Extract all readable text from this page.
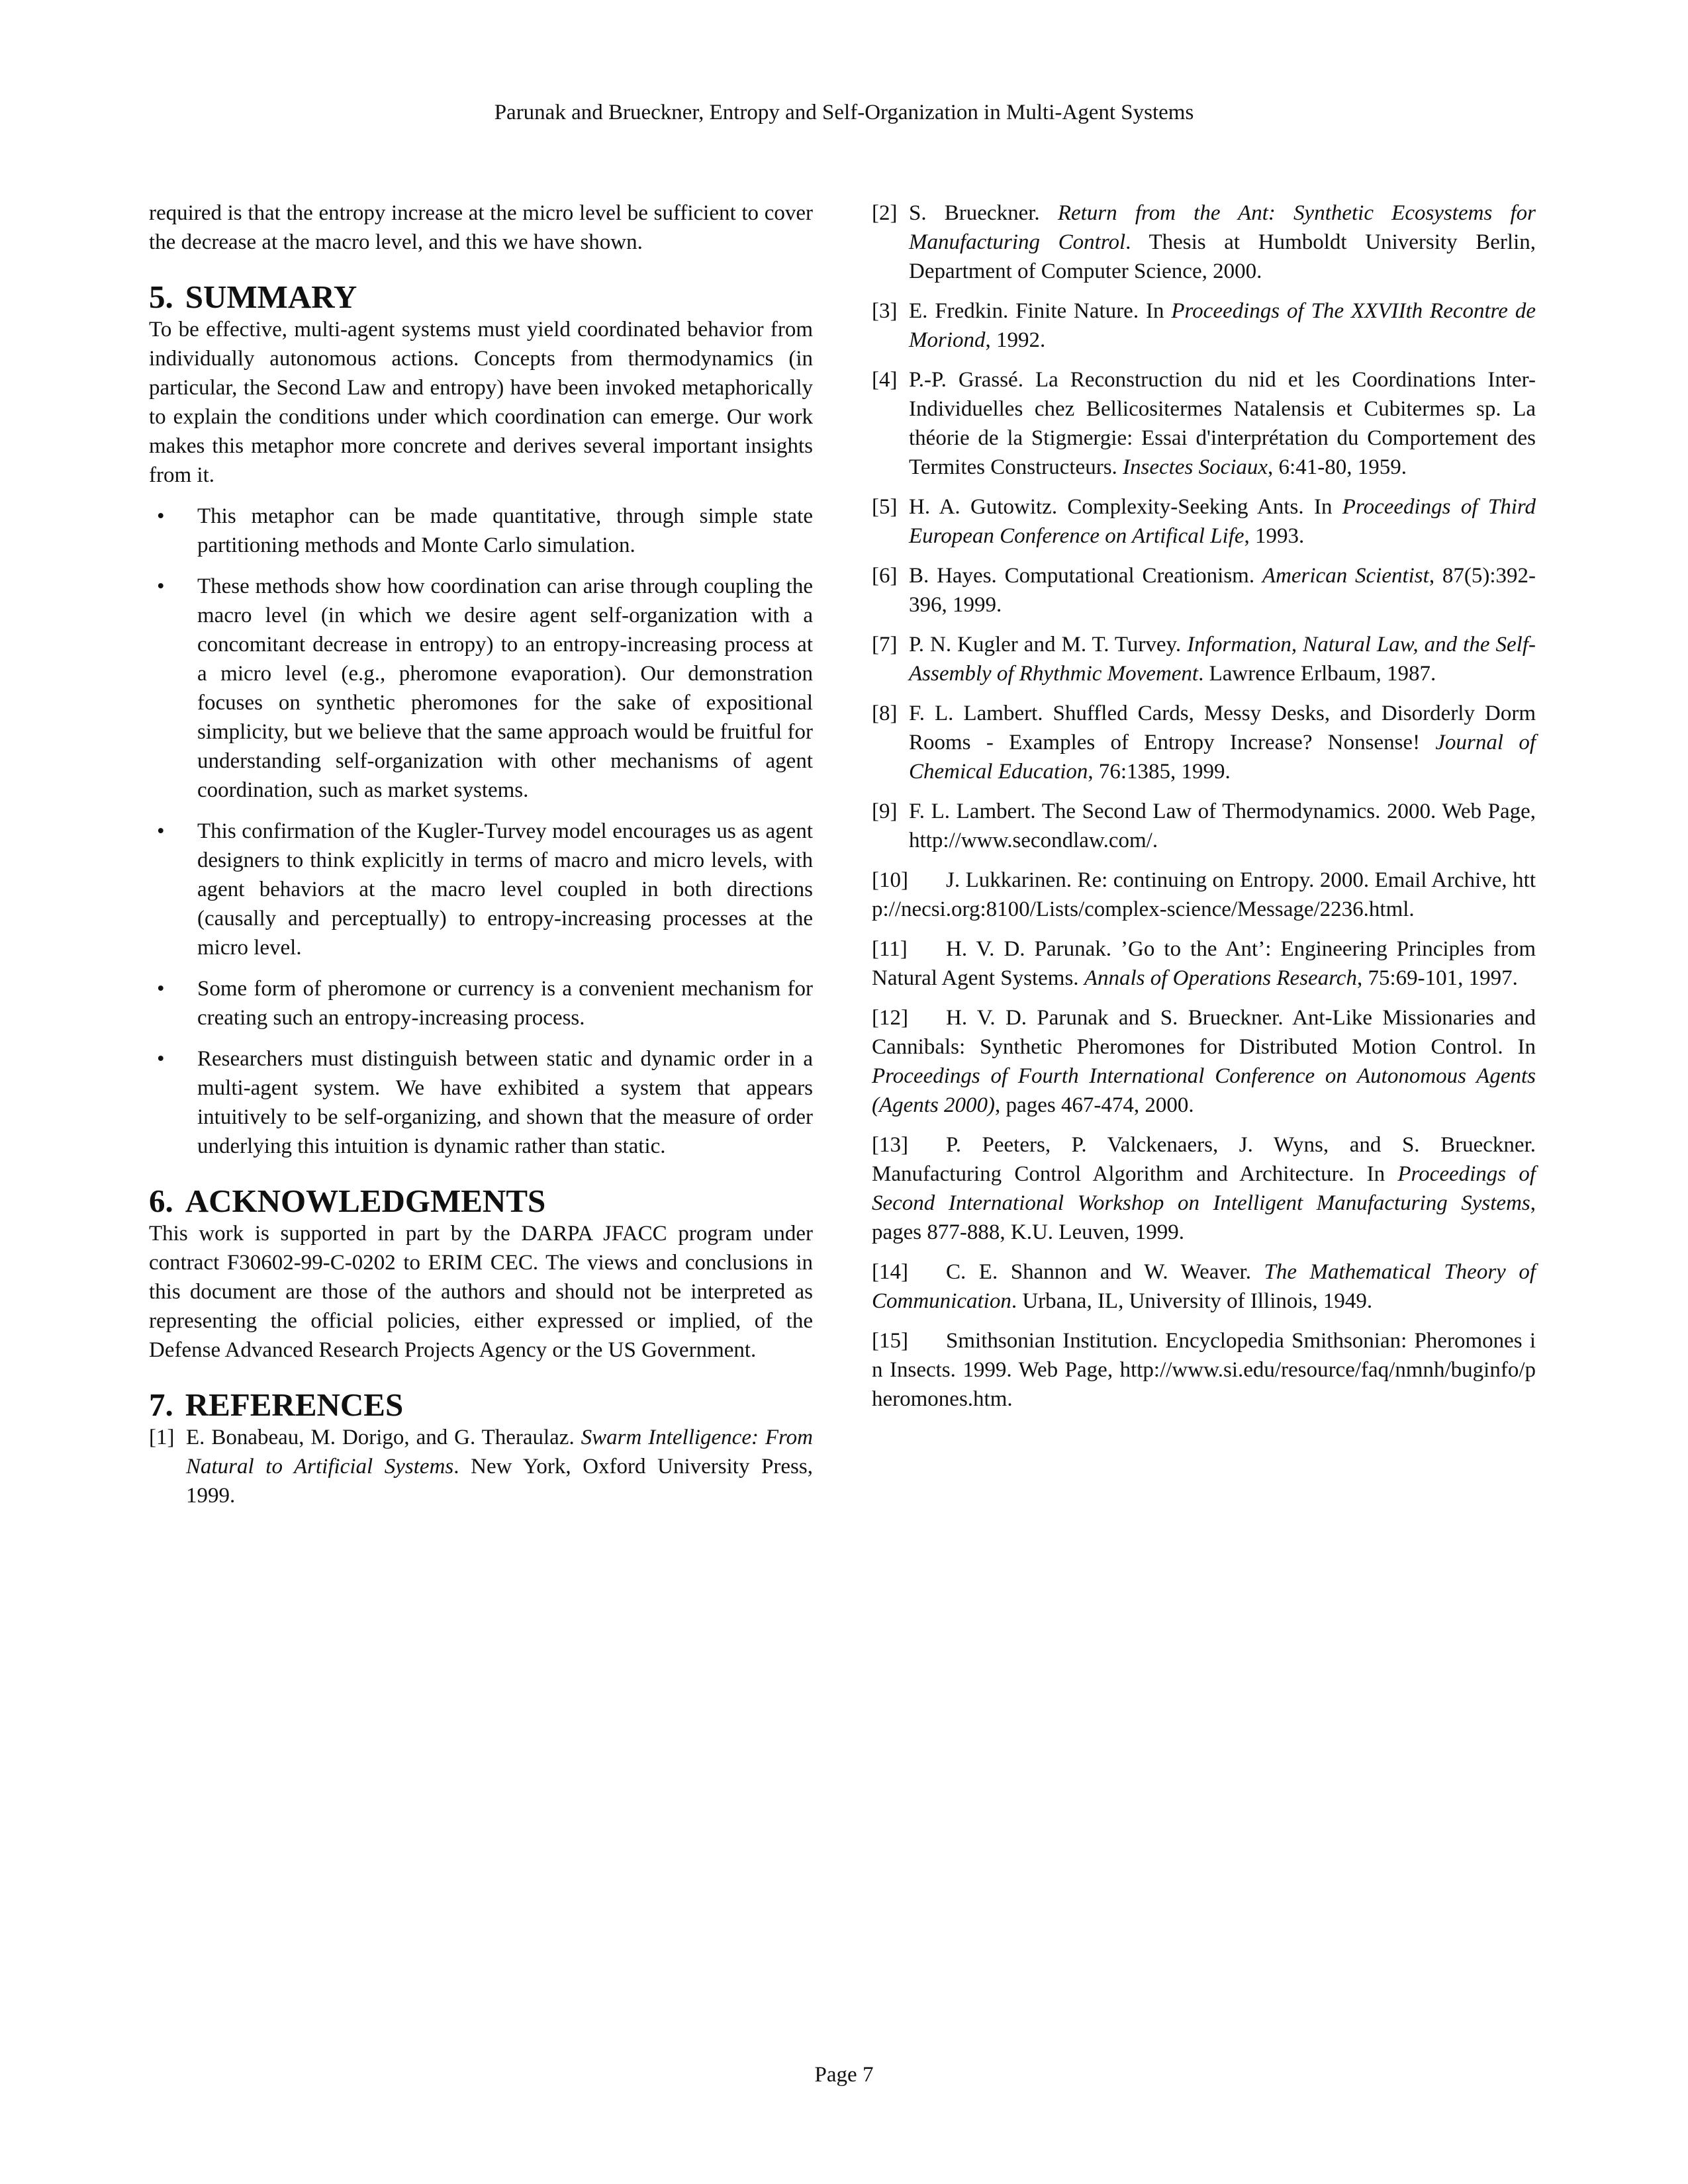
Parunak and Brueckner, Entropy and Self-Organization in Multi-Agent Systems

required is that the entropy increase at the micro level be sufficient to cover the decrease at the macro level, and this we have shown.

5. SUMMARY

To be effective, multi-agent systems must yield coordinated behavior from individually autonomous actions. Concepts from thermodynamics (in particular, the Second Law and entropy) have been invoked metaphorically to explain the conditions under which coordination can emerge. Our work makes this metaphor more concrete and derives several important insights from it.

• This metaphor can be made quantitative, through simple state partitioning methods and Monte Carlo simulation.
• These methods show how coordination can arise through coupling the macro level (in which we desire agent self-organization with a concomitant decrease in entropy) to an entropy-increasing process at a micro level (e.g., pheromone evaporation). Our demonstration focuses on synthetic pheromones for the sake of expositional simplicity, but we believe that the same approach would be fruitful for understanding self-organization with other mechanisms of agent coordination, such as market systems.
• This confirmation of the Kugler-Turvey model encourages us as agent designers to think explicitly in terms of macro and micro levels, with agent behaviors at the macro level coupled in both directions (causally and perceptually) to entropy-increasing processes at the micro level.
• Some form of pheromone or currency is a convenient mechanism for creating such an entropy-increasing process.
• Researchers must distinguish between static and dynamic order in a multi-agent system. We have exhibited a system that appears intuitively to be self-organizing, and shown that the measure of order underlying this intuition is dynamic rather than static.
6. ACKNOWLEDGMENTS

This work is supported in part by the DARPA JFACC program under contract F30602-99-C-0202 to ERIM CEC. The views and conclusions in this document are those of the authors and should not be interpreted as representing the official policies, either expressed or implied, of the Defense Advanced Research Projects Agency or the US Government.

7. REFERENCES
[1] E. Bonabeau, M. Dorigo, and G. Theraulaz. Swarm Intelligence: From Natural to Artificial Systems. New York, Oxford University Press, 1999.
[2] S. Brueckner. Return from the Ant: Synthetic Ecosystems for Manufacturing Control. Thesis at Humboldt University Berlin, Department of Computer Science, 2000.
[3] E. Fredkin. Finite Nature. In Proceedings of The XXVIIth Recontre de Moriond, 1992.
[4] P.-P. Grassé. La Reconstruction du nid et les Coordinations Inter-Individuelles chez Bellicositermes Natalensis et Cubitermes sp. La théorie de la Stigmergie: Essai d'interprétation du Comportement des Termites Constructeurs. Insectes Sociaux, 6:41-80, 1959.
[5] H. A. Gutowitz. Complexity-Seeking Ants. In Proceedings of Third European Conference on Artifical Life, 1993.
[6] B. Hayes. Computational Creationism. American Scientist, 87(5):392-396, 1999.
[7] P. N. Kugler and M. T. Turvey. Information, Natural Law, and the Self-Assembly of Rhythmic Movement. Lawrence Erlbaum, 1987.
[8] F. L. Lambert. Shuffled Cards, Messy Desks, and Disorderly Dorm Rooms - Examples of Entropy Increase? Nonsense! Journal of Chemical Education, 76:1385, 1999.
[9] F. L. Lambert. The Second Law of Thermodynamics. 2000. Web Page, http://www.secondlaw.com/.
[10] J. Lukkarinen. Re: continuing on Entropy. 2000. Email Archive, http://necsi.org:8100/Lists/complex-science/Message/2236.html.
[11] H. V. D. Parunak. ’Go to the Ant’: Engineering Principles from Natural Agent Systems. Annals of Operations Research, 75:69-101, 1997.
[12] H. V. D. Parunak and S. Brueckner. Ant-Like Missionaries and Cannibals: Synthetic Pheromones for Distributed Motion Control. In Proceedings of Fourth International Conference on Autonomous Agents (Agents 2000), pages 467-474, 2000.
[13] P. Peeters, P. Valckenaers, J. Wyns, and S. Brueckner. Manufacturing Control Algorithm and Architecture. In Proceedings of Second International Workshop on Intelligent Manufacturing Systems, pages 877-888, K.U. Leuven, 1999.
[14] C. E. Shannon and W. Weaver. The Mathematical Theory of Communication. Urbana, IL, University of Illinois, 1949.
[15] Smithsonian Institution. Encyclopedia Smithsonian: Pheromones in Insects. 1999. Web Page, http://www.si.edu/resource/faq/nmnh/buginfo/pheromones.htm.
Page 7
